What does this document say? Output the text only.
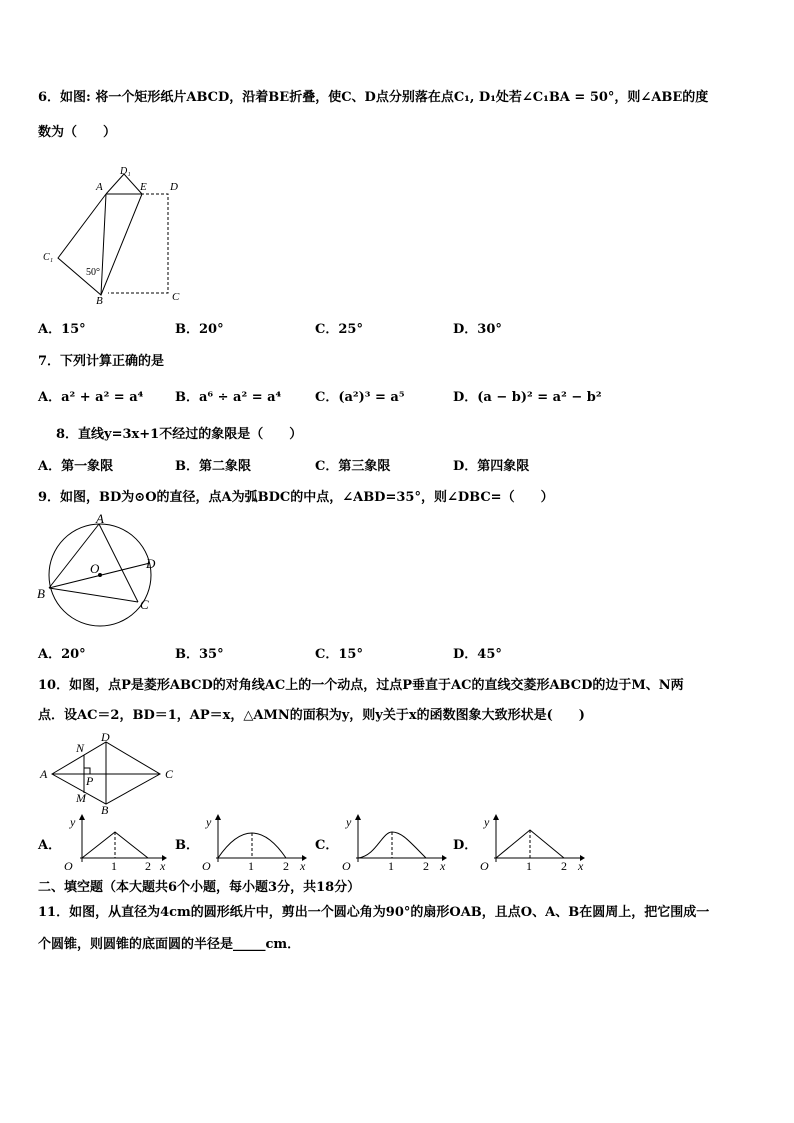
6．如图: 将一个矩形纸片ABCD，沿着BE折叠，使C、D点分别落在点C₁, D₁处若∠C₁BA = 50°，则∠ABE的度
数为（　　）
D₁
A	E D
C₁
50°
B	C
A．15°	B．20°	C．25°	D．30°
7．下列计算正确的是
A．a² + a² = a⁴ B．a⁶ ÷ a² = a⁴	C．(a²)³ = a⁵	D．(a − b)² = a² − b²
8．直线y=3x+1不经过的象限是（　　）
A．第一象限	B．第二象限	C．第三象限	D．第四象限
9．如图，BD为⊙O的直径，点A为弧BDC的中点，∠ABD=35°，则∠DBC=（　　）
A
O	D
B
C
A．20°	B．35°	C．15°	D．45°
10．如图，点P是菱形ABCD的对角线AC上的一个动点，过点P垂直于AC的直线交菱形ABCD的边于M、N两
点．设AC＝2，BD＝1，AP＝x，△AMN的面积为y，则y关于x的函数图象大致形状是(　　)
N
D
A	P	C
M
B
A．
y
x
O	1 2
B．
y
x
O	1 2
C．
y
x
O	1 2
D．
y
x
O	1 2
二、填空题（本大题共6个小题，每小题3分，共18分）
11．如图，从直径为4cm的圆形纸片中，剪出一个圆心角为90°的扇形OAB，且点O、A、B在圆周上，把它围成一
个圆锥，则圆锥的底面圆的半径是_____cm．
